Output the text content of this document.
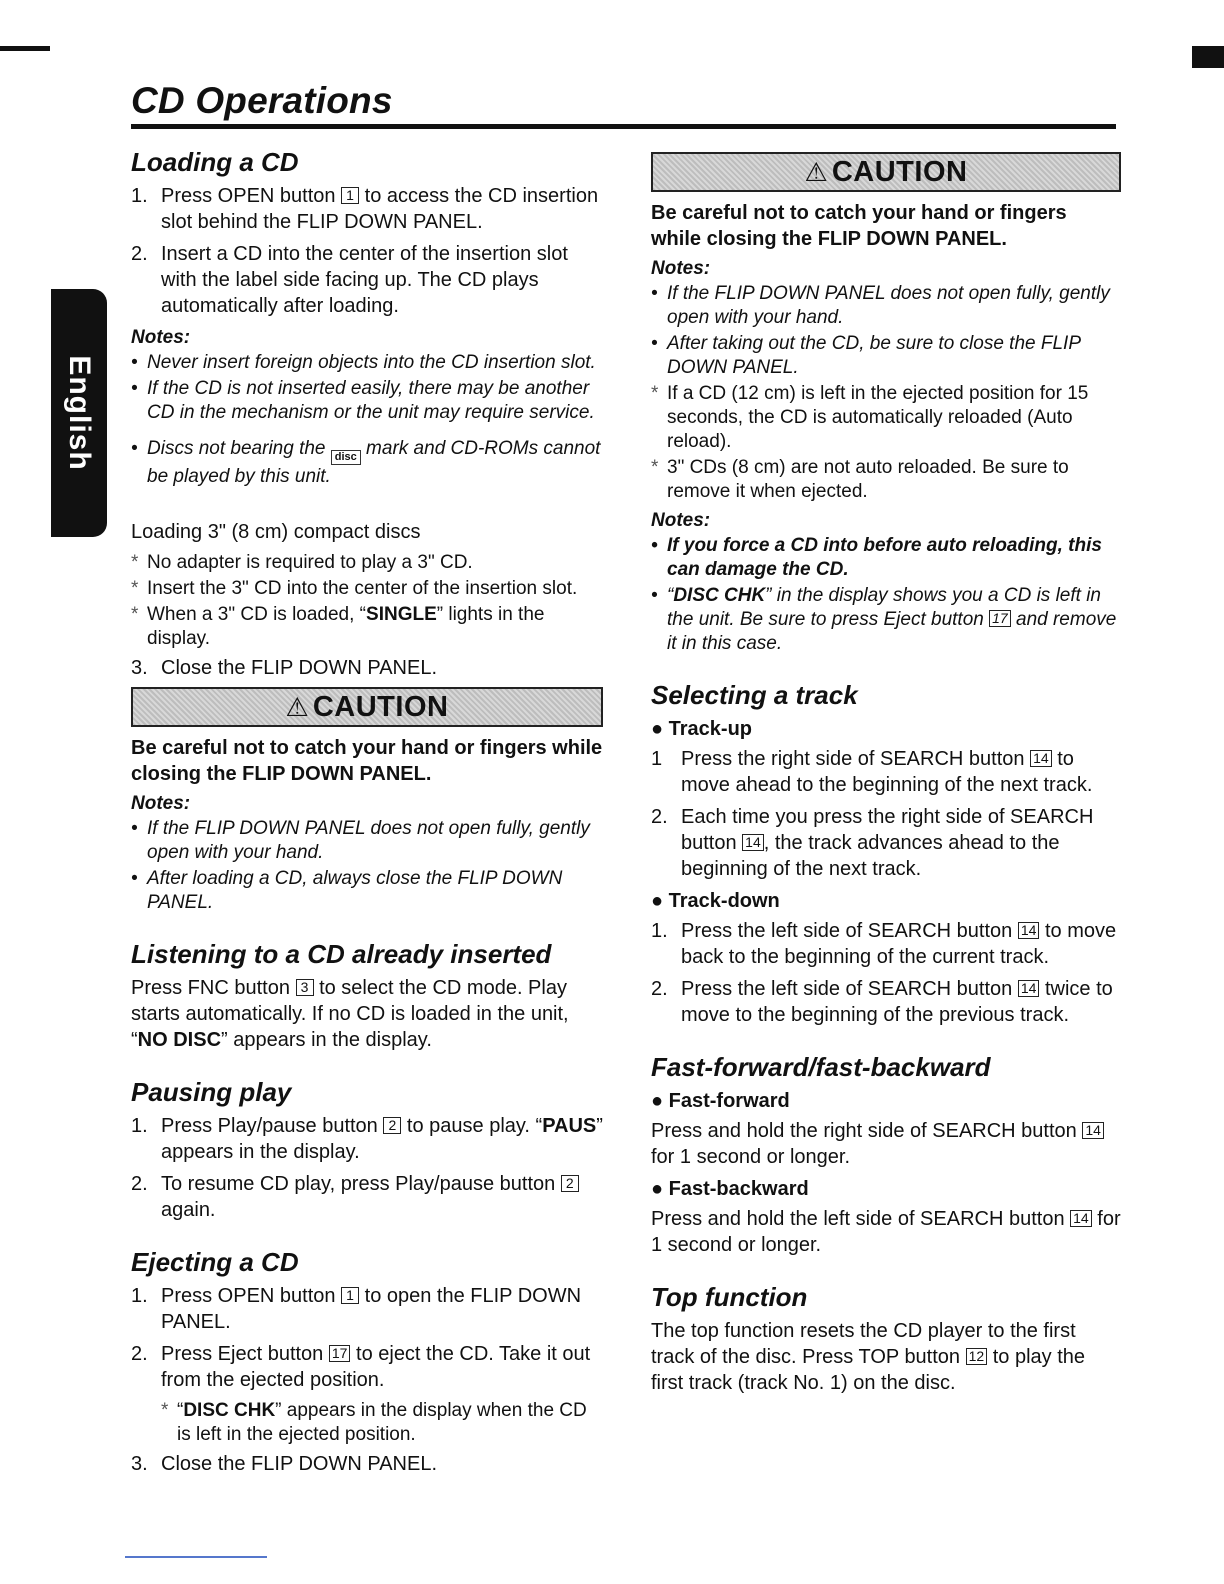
CD Operations
English
Loading a CD
1. Press OPEN button 1 to access the CD insertion slot behind the FLIP DOWN PANEL.
2. Insert a CD into the center of the insertion slot with the label side facing up. The CD plays automatically after loading.
Notes:
• Never insert foreign objects into the CD insertion slot.
• If the CD is not inserted easily, there may be another CD in the mechanism or the unit may require service.
• Discs not bearing the disc mark and CD-ROMs cannot be played by this unit.
Loading 3" (8 cm) compact discs
* No adapter is required to play a 3" CD.
* Insert the 3" CD into the center of the insertion slot.
* When a 3" CD is loaded, “SINGLE” lights in the display.
3. Close the FLIP DOWN PANEL.
⚠ CAUTION
Be careful not to catch your hand or fingers while closing the FLIP DOWN PANEL.
Notes:
• If the FLIP DOWN PANEL does not open fully, gently open with your hand.
• After loading a CD, always close the FLIP DOWN PANEL.
Listening to a CD already inserted

Press FNC button 3 to select the CD mode. Play starts automatically. If no CD is loaded in the unit, “NO DISC” appears in the display.

Pausing play
1. Press Play/pause button 2 to pause play. “PAUS” appears in the display.
2. To resume CD play, press Play/pause button 2 again.
Ejecting a CD
1. Press OPEN button 1 to open the FLIP DOWN PANEL.
2. Press Eject button 17 to eject the CD. Take it out from the ejected position.
* “DISC CHK” appears in the display when the CD is left in the ejected position.
3. Close the FLIP DOWN PANEL.
⚠ CAUTION
Be careful not to catch your hand or fingers while closing the FLIP DOWN PANEL.
Notes:
• If the FLIP DOWN PANEL does not open fully, gently open with your hand.
• After taking out the CD, be sure to close the FLIP DOWN PANEL.
* If a CD (12 cm) is left in the ejected position for 15 seconds, the CD is automatically reloaded (Auto reload).
* 3" CDs (8 cm) are not auto reloaded. Be sure to remove it when ejected.
Notes:
• If you force a CD into before auto reloading, this can damage the CD.
• “DISC CHK” in the display shows you a CD is left in the unit. Be sure to press Eject button 17 and remove it in this case.
Selecting a track
● Track-up
1 Press the right side of SEARCH button 14 to move ahead to the beginning of the next track.
2. Each time you press the right side of SEARCH button 14 , the track advances ahead to the beginning of the next track.
● Track-down
1. Press the left side of SEARCH button 14 to move back to the beginning of the current track.
2. Press the left side of SEARCH button 14 twice to move to the beginning of the previous track.
Fast-forward/fast-backward
● Fast-forward

Press and hold the right side of SEARCH button 14 for 1 second or longer.

● Fast-backward

Press and hold the left side of SEARCH button 14 for 1 second or longer.

Top function

The top function resets the CD player to the first track of the disc. Press TOP button 12 to play the first track (track No. 1) on the disc.
